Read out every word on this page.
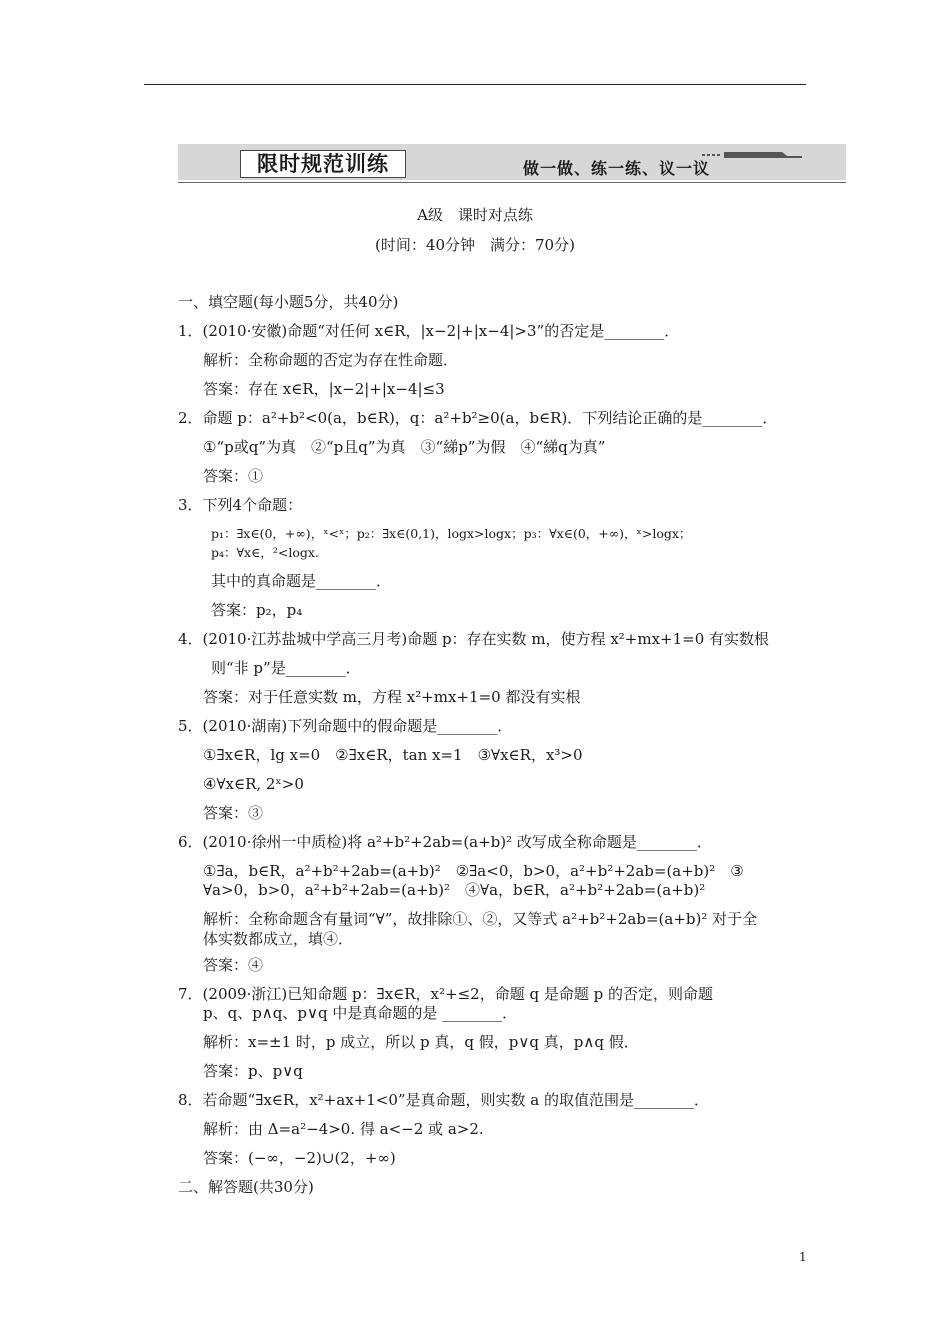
限时规范训练	做一做、练一练、议一议
A级　课时对点练
(时间：40分钟　满分：70分)
一、填空题(每小题5分，共40分)
1．(2010·安徽)命题“对任何 x∈R，|x−2|+|x−4|>3”的否定是________．
解析：全称命题的否定为存在性命题．
答案：存在 x∈R，|x−2|+|x−4|≤3
2．命题 p：a²+b²<0(a，b∈R)，q：a²+b²≥0(a，b∈R)．下列结论正确的是________．
①“p或q”为真　②“p且q”为真　③“綈p”为假　④“綈q为真”
答案：①
3．下列4个命题：
p₁：∃x∈(0，+∞)，ˣ<ˣ；p₂：∃x∈(0,1)，logx>logx；p₃：∀x∈(0，+∞)，ˣ>logx；
p₄：∀x∈，²<logx.
其中的真命题是________．
答案：p₂，p₄
4．(2010·江苏盐城中学高三月考)命题 p：存在实数 m，使方程 x²+mx+1=0 有实数根
则“非 p”是________．
答案：对于任意实数 m，方程 x²+mx+1=0 都没有实根
5．(2010·湖南)下列命题中的假命题是________．
①∃x∈R，lg x=0　②∃x∈R，tan x=1　③∀x∈R，x³>0
④∀x∈R, 2ˣ>0
答案：③
6．(2010·徐州一中质检)将 a²+b²+2ab=(a+b)² 改写成全称命题是________．
①∃a，b∈R，a²+b²+2ab=(a+b)²　②∃a<0，b>0，a²+b²+2ab=(a+b)²　③
∀a>0，b>0，a²+b²+2ab=(a+b)²　④∀a，b∈R，a²+b²+2ab=(a+b)²
解析：全称命题含有量词“∀”，故排除①、②，又等式 a²+b²+2ab=(a+b)² 对于全
体实数都成立，填④．
答案：④
7．(2009·浙江)已知命题 p：∃x∈R，x²+≤2，命题 q 是命题 p 的否定，则命题
p、q、p∧q、p∨q 中是真命题的是 ________．
解析：x=±1 时，p 成立，所以 p 真，q 假，p∨q 真，p∧q 假．
答案：p、p∨q
8．若命题“∃x∈R，x²+ax+1<0”是真命题，则实数 a 的取值范围是________．
解析：由 Δ=a²−4>0. 得 a<−2 或 a>2.
答案：(−∞，−2)∪(2，+∞)
二、解答题(共30分)
1
